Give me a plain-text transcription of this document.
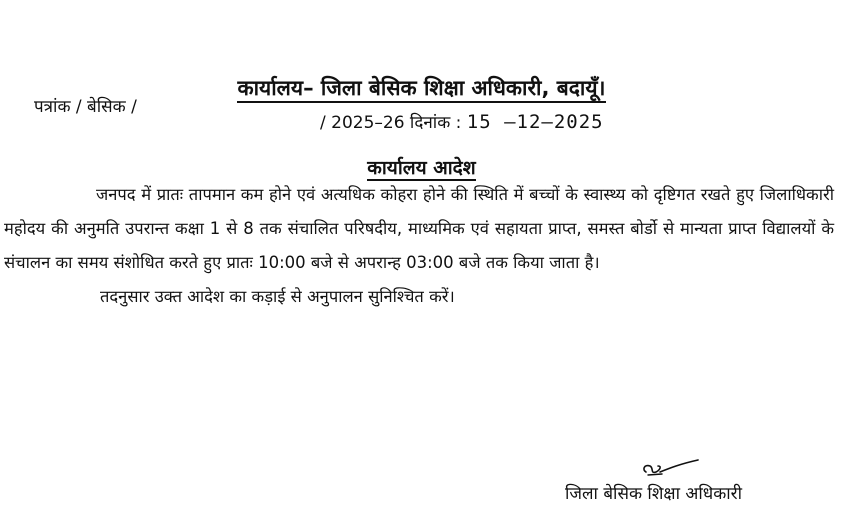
कार्यालय– जिला बेसिक शिक्षा अधिकारी, बदायूँ।
पत्रांक / बेसिक /
/ 2025–26 दिनांक : 15 –12–2025
कार्यालय आदेश

जनपद में प्रातः तापमान कम होने एवं अत्यधिक कोहरा होने की स्थिति में बच्चों के स्वास्थ्य को दृष्टिगत रखते हुए जिलाधिकारी महोदय की अनुमति उपरान्त कक्षा 1 से 8 तक संचालित परिषदीय, माध्यमिक एवं सहायता प्राप्त, समस्त बोर्डो से मान्यता प्राप्त विद्यालयों के संचालन का समय संशोधित करते हुए प्रातः 10:00 बजे से अपरान्ह 03:00 बजे तक किया जाता है।

तदनुसार उक्त आदेश का कड़ाई से अनुपालन सुनिश्चित करें।

जिला बेसिक शिक्षा अधिकारी
